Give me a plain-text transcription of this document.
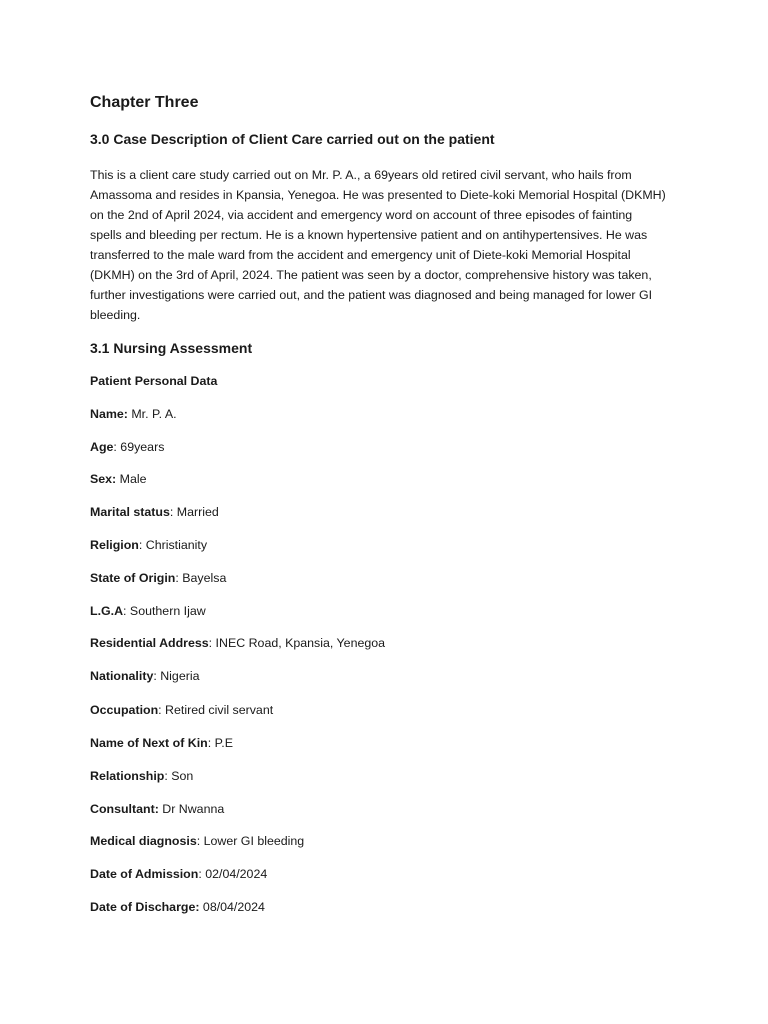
Chapter Three
3.0 Case Description of Client Care carried out on the patient

This is a client care study carried out on Mr. P. A., a 69years old retired civil servant, who hails from
Amassoma and resides in Kpansia, Yenegoa. He was presented to Diete-koki Memorial Hospital (DKMH)
on the 2nd of April 2024, via accident and emergency word on account of three episodes of fainting
spells and bleeding per rectum. He is a known hypertensive patient and on antihypertensives. He was
transferred to the male ward from the accident and emergency unit of Diete-koki Memorial Hospital
(DKMH) on the 3rd of April, 2024. The patient was seen by a doctor, comprehensive history was taken,
further investigations were carried out, and the patient was diagnosed and being managed for lower GI
bleeding.

3.1 Nursing Assessment
Patient Personal Data
Name: Mr. P. A.
Age: 69years
Sex: Male
Marital status: Married
Religion: Christianity
State of Origin: Bayelsa
L.G.A: Southern Ijaw
Residential Address: INEC Road, Kpansia, Yenegoa
Nationality: Nigeria
Occupation: Retired civil servant
Name of Next of Kin: P.E
Relationship: Son
Consultant: Dr Nwanna
Medical diagnosis: Lower GI bleeding
Date of Admission: 02/04/2024
Date of Discharge: 08/04/2024
